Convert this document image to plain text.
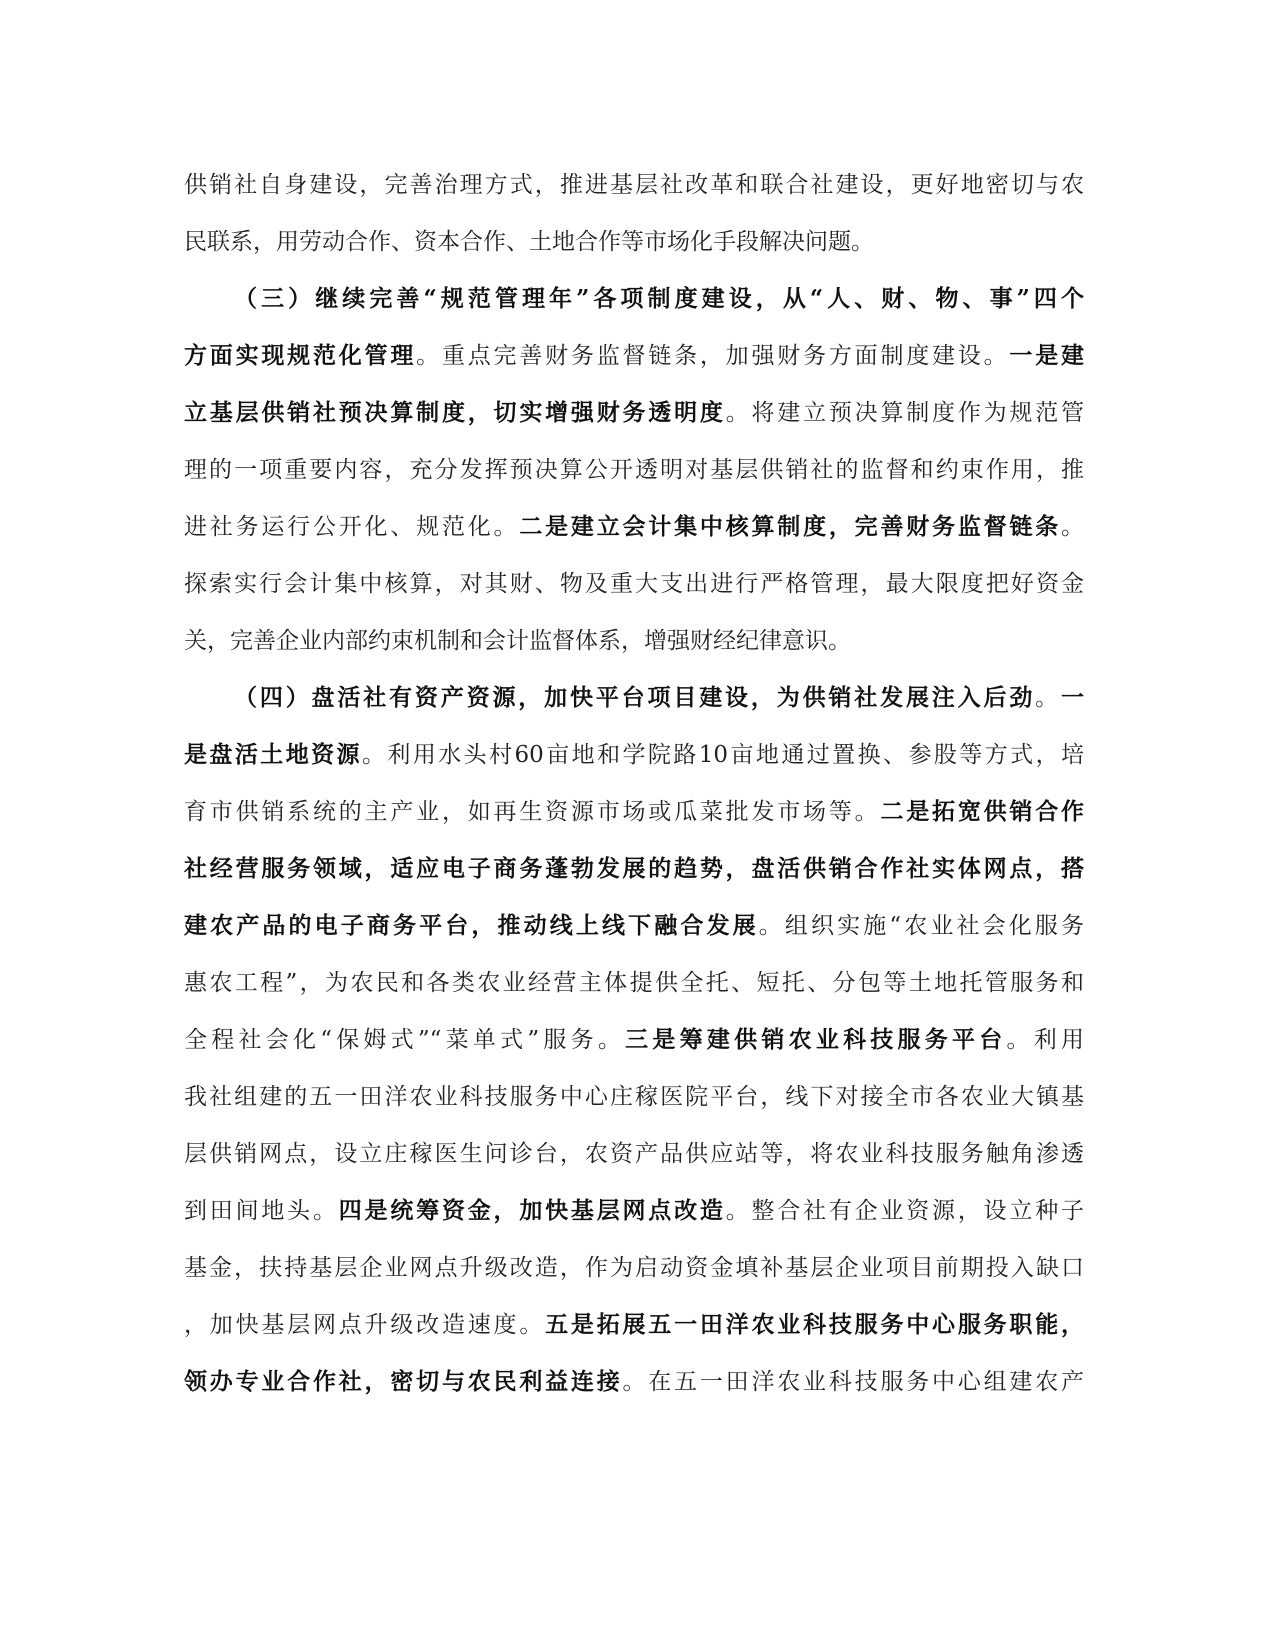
供销社自身建设，完善治理方式，推进基层社改革和联合社建设，更好地密切与农
民联系，用劳动合作、资本合作、土地合作等市场化手段解决问题。
（三）继续完善“规范管理年”各项制度建设，从“人、财、物、事”四个
方面实现规范化管理。重点完善财务监督链条，加强财务方面制度建设。一是建
立基层供销社预决算制度，切实增强财务透明度。将建立预决算制度作为规范管
理的一项重要内容，充分发挥预决算公开透明对基层供销社的监督和约束作用，推
进社务运行公开化、规范化。二是建立会计集中核算制度，完善财务监督链条。
探索实行会计集中核算，对其财、物及重大支出进行严格管理，最大限度把好资金
关，完善企业内部约束机制和会计监督体系，增强财经纪律意识。
（四）盘活社有资产资源，加快平台项目建设，为供销社发展注入后劲。一
是盘活土地资源。利用水头村60亩地和学院路10亩地通过置换、参股等方式，培
育市供销系统的主产业，如再生资源市场或瓜菜批发市场等。二是拓宽供销合作
社经营服务领域，适应电子商务蓬勃发展的趋势，盘活供销合作社实体网点，搭
建农产品的电子商务平台，推动线上线下融合发展。组织实施“农业社会化服务
惠农工程”，为农民和各类农业经营主体提供全托、短托、分包等土地托管服务和
全程社会化“保姆式”“菜单式”服务。三是筹建供销农业科技服务平台。利用
我社组建的五一田洋农业科技服务中心庄稼医院平台，线下对接全市各农业大镇基
层供销网点，设立庄稼医生问诊台，农资产品供应站等，将农业科技服务触角渗透
到田间地头。四是统筹资金，加快基层网点改造。整合社有企业资源，设立种子
基金，扶持基层企业网点升级改造，作为启动资金填补基层企业项目前期投入缺口
，加快基层网点升级改造速度。五是拓展五一田洋农业科技服务中心服务职能，
领办专业合作社，密切与农民利益连接。在五一田洋农业科技服务中心组建农产
